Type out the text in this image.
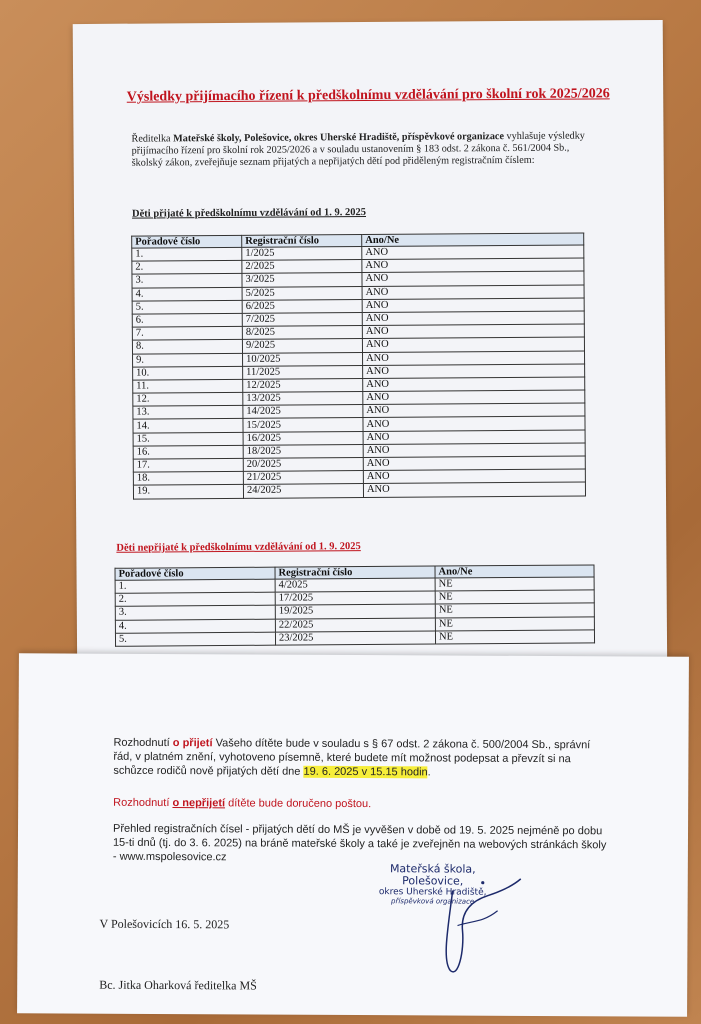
Výsledky přijímacího řízení k předškolnímu vzdělávání pro školní rok 2025/2026
Ředitelka Mateřské školy, Polešovice, okres Uherské Hradiště, příspěvkové organizace vyhlašuje výsledky přijímacího řízení pro školní rok 2025/2026 a v souladu ustanovením § 183 odst. 2 zákona č. 561/2004 Sb., školský zákon, zveřejňuje seznam přijatých a nepřijatých dětí pod přiděleným registračním číslem:
Děti přijaté k předškolnímu vzdělávání od 1. 9. 2025
Pořadové číslo	Registrační číslo	Ano/Ne
1.	1/2025	ANO
2.	2/2025	ANO
3.	3/2025	ANO
4.	5/2025	ANO
5.	6/2025	ANO
6.	7/2025	ANO
7.	8/2025	ANO
8.	9/2025	ANO
9.	10/2025	ANO
10.	11/2025	ANO
11.	12/2025	ANO
12.	13/2025	ANO
13.	14/2025	ANO
14.	15/2025	ANO
15.	16/2025	ANO
16.	18/2025	ANO
17.	20/2025	ANO
18.	21/2025	ANO
19.	24/2025	ANO
Děti nepřijaté k předškolnímu vzdělávání od 1. 9. 2025
Pořadové číslo	Registrační číslo	Ano/Ne
1.	4/2025	NE
2.	17/2025	NE
3.	19/2025	NE
4.	22/2025	NE
5.	23/2025	NE
Rozhodnutí o přijetí Vašeho dítěte bude v souladu s § 67 odst. 2 zákona č. 500/2004 Sb., správní řád, v platném znění, vyhotoveno písemně, které budete mít možnost podepsat a převzít si na schůzce rodičů nově přijatých dětí dne 19. 6. 2025 v 15.15 hodin.
Rozhodnutí o nepřijetí dítěte bude doručeno poštou.
Přehled registračních čísel - přijatých dětí do MŠ je vyvěšen v době od 19. 5. 2025 nejméně po dobu 15-ti dnů (tj. do 3. 6. 2025) na bráně mateřské školy a také je zveřejněn na webových stránkách školy - www.mspolesovice.cz
Mateřská škola,
Polešovice,
okres Uherské Hradiště,
příspěvková organizace
V Polešovicích 16. 5. 2025
Bc. Jitka Oharková ředitelka MŠ
